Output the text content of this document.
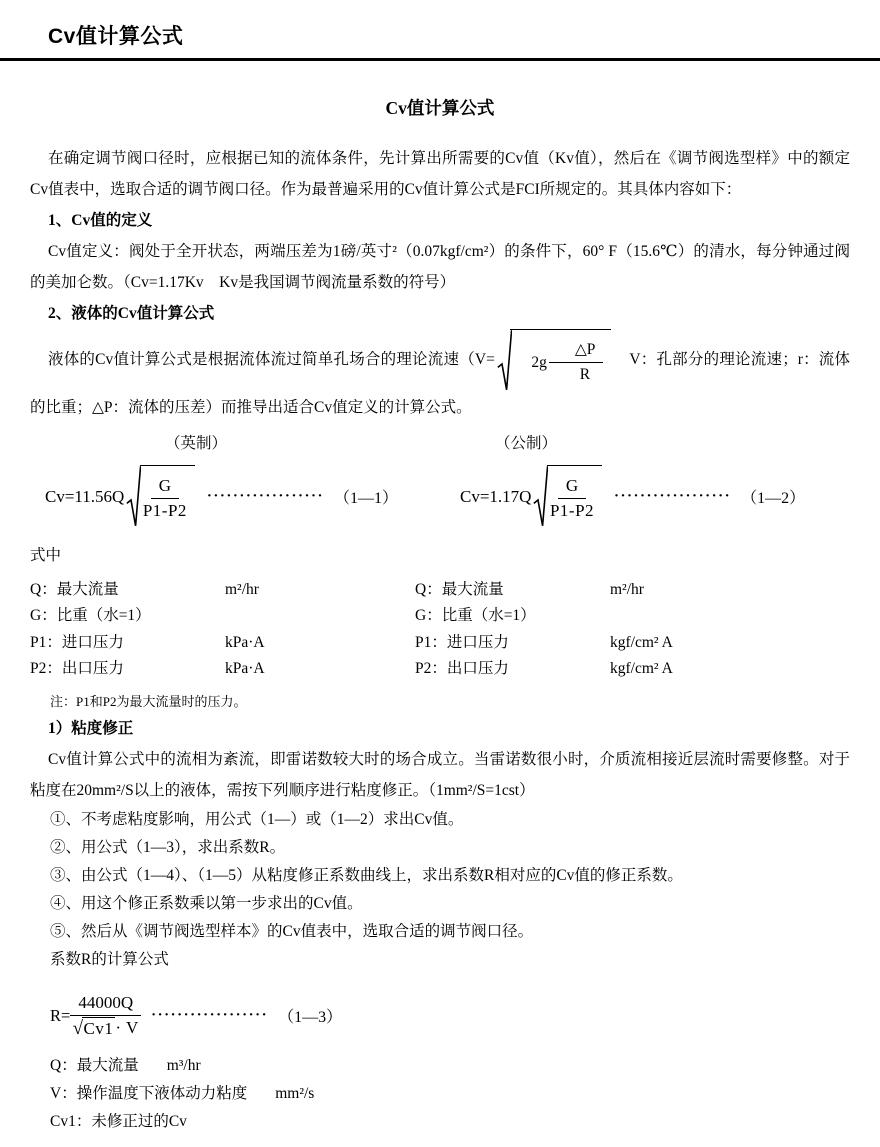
Cv值计算公式
Cv值计算公式

在确定调节阀口径时，应根据已知的流体条件，先计算出所需要的Cv值（Kv值），然后在《调节阀选型样》中的额定Cv值表中，选取合适的调节阀口径。作为最普遍采用的Cv值计算公式是FCI所规定的。其具体内容如下：

1、Cv值的定义

Cv值定义：阀处于全开状态，两端压差为1磅/英寸²（0.07kgf/cm²）的条件下，60° F（15.6℃）的清水，每分钟通过阀的美加仑数。（Cv=1.17Kv　Kv是我国调节阀流量系数的符号）

2、液体的Cv值计算公式

液体的Cv值计算公式是根据流体流过简单孔场合的理论流速（V=	$2g \frac{\triangle P}{R}$ 　V：孔部分的理论流速；r：流体的比重；△P：流体的压差）而推导出适合Cv值定义的计算公式。

（英制）	（公制）
$Cv=11.56Q \frac{G}{P1-P2}$ ·················· （1—1）	$Cv=1.17Q \frac{G}{P1-P2}$ ·················· （1—2）

式中

Q：最大流量	m²/hr
G：比重（水=1）
P1：进口压力	kPa·A
P2：出口压力	kPa·A
Q：最大流量	m²/hr
G：比重（水=1）
P1：进口压力	kgf/cm² A
P2：出口压力	kgf/cm² A

注：P1和P2为最大流量时的压力。

1）粘度修正

Cv值计算公式中的流相为紊流，即雷诺数较大时的场合成立。当雷诺数很小时，介质流相接近层流时需要修整。对于粘度在20mm²/S以上的液体，需按下列顺序进行粘度修正。（1mm²/S=1cst）

①、不考虑粘度影响，用公式（1—）或（1—2）求出Cv值。

②、用公式（1—3），求出系数R。

③、由公式（1—4）、（1—5）从粘度修正系数曲线上，求出系数R相对应的Cv值的修正系数。

④、用这个修正系数乘以第一步求出的Cv值。

⑤、然后从《调节阀选型样本》的Cv值表中，选取合适的调节阀口径。

系数R的计算公式

$R= \frac{44000Q}{√ Cv1 \cdot V}$ ·················· （1—3）

Q：最大流量 m³/hr

V：操作温度下液体动力粘度 mm²/s

Cv1：未修正过的Cv
